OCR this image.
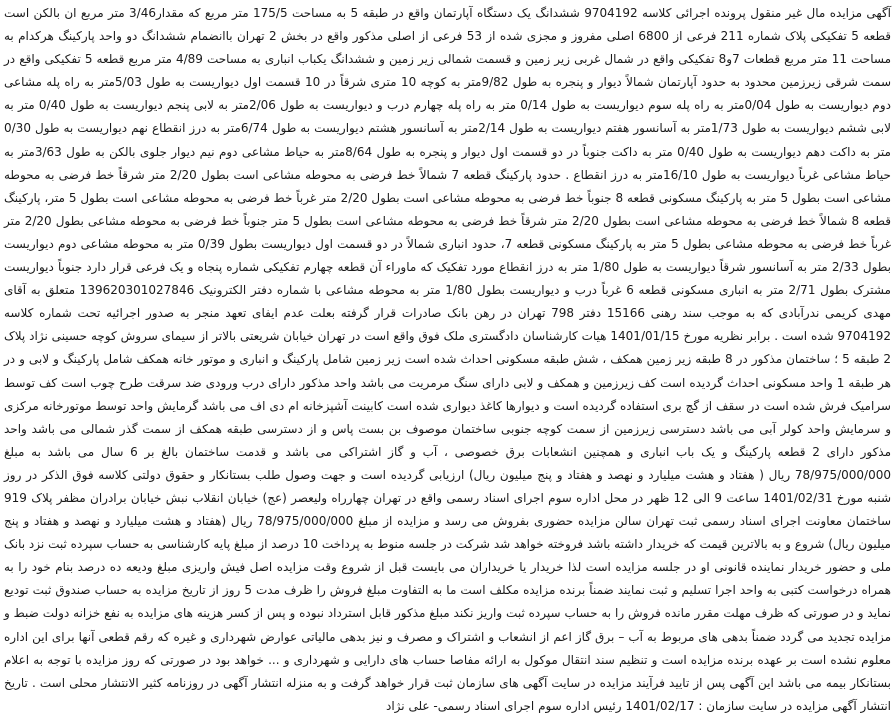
آگهی مزایده مال غیر منقول پرونده اجرائی کلاسه 9704192 ششدانگ یک دستگاه آپارتمان واقع در طبقه 5 به مساحت 175/5 متر مربع که مقدار3/46 متر مربع ان بالکن است قطعه 5 تفکیکی پلاک شماره 211 فرعی از 6800 اصلی مفروز و مجزی شده از 53 فرعی از اصلی مذکور واقع در بخش 2 تهران باانضمام ششدانگ دو واحد پارکینگ هرکدام به مساحت 11 متر مربع قطعات 7و8 تفکیکی واقع در شمال غربی زیر زمین و قسمت شمالی زیر زمین و ششدانگ یکباب انباری به مساحت 4/89 متر مربع قطعه 5 تفکیکی واقع در سمت شرقی زیرزمین محدود به حدود آپارتمان شمالاً دیوار و پنجره به طول 9/82متر به کوچه 10 متری شرقاً در 10 قسمت اول دیواریست به طول 5/03متر به راه پله مشاعی دوم دیواریست به طول 0/04متر به راه پله سوم دیواریست به طول 0/14 متر به راه پله چهارم درب و دیواریست به طول 2/06متر به لابی پنجم دیواریست به طول 0/40 متر به لابی ششم دیواریست به طول 1/73متر به آسانسور هفتم دیواریست به طول 2/14متر به آسانسور هشتم دیواریست به طول 6/74متر به درز انقطاع نهم دیواریست به طول 0/30 متر به داکت دهم دیواریست به طول 0/40 متر به داکت جنوباً در دو قسمت اول دیوار و پنجره به طول 8/64متر به حیاط مشاعی دوم نیم دیوار جلوی بالکن به طول 3/63متر به حیاط مشاعی غرباً دیواریست به طول 16/10متر به درز انقطاع . حدود پارکینگ قطعه 7 شمالاً خط فرضی به محوطه مشاعی است بطول 2/20 متر شرقاً خط فرضی به محوطه مشاعی است بطول 5 متر به پارکینگ مسکونی قطعه 8 جنوباً خط فرضی به محوطه مشاعی است بطول 2/20 متر غرباً خط فرضی به محوطه مشاعی است بطول 5 متر، پارکینگ قطعه 8 شمالاً خط فرضی به محوطه مشاعی است بطول 2/20 متر شرقاً خط فرضی به محوطه مشاعی است بطول 5 متر جنوباً خط فرضی به محوطه مشاعی بطول 2/20 متر غرباً خط فرضی به محوطه مشاعی بطول 5 متر به پارکینگ مسکونی قطعه 7، حدود انباری شمالاً در دو قسمت اول دیواریست بطول 0/39 متر به محوطه مشاعی دوم دیواریست بطول 2/33 متر به آسانسور شرقاً دیواریست به طول 1/80 متر به درز انقطاع مورد تفکیک که ماوراء آن قطعه چهارم تفکیکی شماره پنجاه و یک فرعی قرار دارد جنوباً دیواریست مشترک بطول 2/71 متر به انباری مسکونی قطعه 6 غرباً درب و دیواریست بطول 1/80 متر به محوطه مشاعی با شماره دفتر الکترونیک 139620301027846 متعلق به آقای مهدی کریمی ندرآبادی که به موجب سند رهنی 15166 دفتر 798 تهران در رهن بانک صادرات قرار گرفته بعلت عدم ایفای تعهد منجر به صدور اجرائیه تحت شماره کلاسه 9704192 شده است . برابر نظریه مورخ 1401/01/15 هیات کارشناسان دادگستری ملک فوق واقع است در تهران خیابان شریعتی بالاتر از سیمای سروش کوچه حسینی نژاد پلاک 2 طبقه 5 ؛ ساختمان مذکور در 8 طبقه زیر زمین همکف ، شش طبقه مسکونی احداث شده است زیر زمین شامل پارکینگ و انباری و موتور خانه همکف شامل پارکینگ و لابی و در هر طبقه 1 واحد مسکونی احداث گردیده است کف زیرزمین و همکف و لابی دارای سنگ مرمریت می باشد واحد مذکور دارای درب ورودی ضد سرقت طرح چوب است کف توسط سرامیک فرش شده است در سقف از گچ بری استفاده گردیده است و دیوارها کاغذ دیواری شده است کابینت آشپزخانه ام دی اف می باشد گرمایش واحد توسط موتورخانه مرکزی و سرمایش واحد کولر آبی می باشد دسترسی زیرزمین از سمت کوچه جنوبی ساختمان موصوف بن بست پاس و از دسترسی طبقه همکف از سمت گذر شمالی می باشد واحد مذکور دارای 2 قطعه پارکینگ و یک باب انباری و همچنین انشعابات برق خصوصی ، آب و گاز اشتراکی می باشد و قدمت ساختمان بالغ بر 6 سال می باشد به مبلغ 78/975/000/000 ریال ( هفتاد و هشت میلیارد و نهصد و هفتاد و پنج میلیون ریال) ارزیابی گردیده است و جهت وصول طلب بستانکار و حقوق دولتی کلاسه فوق الذکر در روز شنبه مورخ 1401/02/31 ساعت 9 الی 12 ظهر در محل اداره سوم اجرای اسناد رسمی واقع در تهران چهارراه ولیعصر (عج) خیابان انقلاب نبش خیابان برادران مظفر پلاک 919 ساختمان معاونت اجرای اسناد رسمی ثبت تهران سالن مزایده حضوری بفروش می رسد و مزایده از مبلغ 78/975/000/000 ریال (هفتاد و هشت میلیارد و نهصد و هفتاد و پنج میلیون ریال) شروع و به بالاترین قیمت که خریدار داشته باشد فروخته خواهد شد شرکت در جلسه منوط به پرداخت 10 درصد از مبلغ پایه کارشناسی به حساب سپرده ثبت نزد بانک ملی و حضور خریدار نماینده قانونی او در جلسه مزایده است لذا خریدار یا خریداران می بایست قبل از شروع وقت مزایده اصل فیش واریزی مبلغ ودیعه ده درصد بنام خود را به همراه درخواست کتبی به واحد اجرا تسلیم و ثبت نمایند ضمناً برنده مزایده مکلف است ما به التفاوت مبلغ فروش را ظرف مدت 5 روز از تاریخ مزایده به حساب صندوق ثبت تودیع نماید و در صورتی که ظرف مهلت مقرر مانده فروش را به حساب سپرده ثبت واریز نکند مبلغ مذکور قابل استرداد نبوده و پس از کسر هزینه های مزایده به نفع خزانه دولت ضبط و مزایده تجدید می گردد ضمناً بدهی های مربوط به آب – برق گاز اعم از انشعاب و اشتراک و مصرف و نیز بدهی مالیاتی عوارض شهرداری و غیره که رقم قطعی آنها برای این اداره معلوم نشده است بر عهده برنده مزایده است و تنظیم سند انتقال موکول به ارائه مفاصا حساب های دارایی و شهرداری و ... خواهد بود در صورتی که روز مزایده با توجه به اعلام بستانکار بیمه می باشد این آگهی پس از تایید فرآیند مزایده در سایت آگهی های سازمان ثبت قرار خواهد گرفت و به منزله انتشار آگهی در روزنامه کثیر الانتشار محلی است . تاریخ انتشار آگهی مزایده در سایت سازمان : 1401/02/17 رئیس اداره سوم اجرای اسناد رسمی- علی نژاد
